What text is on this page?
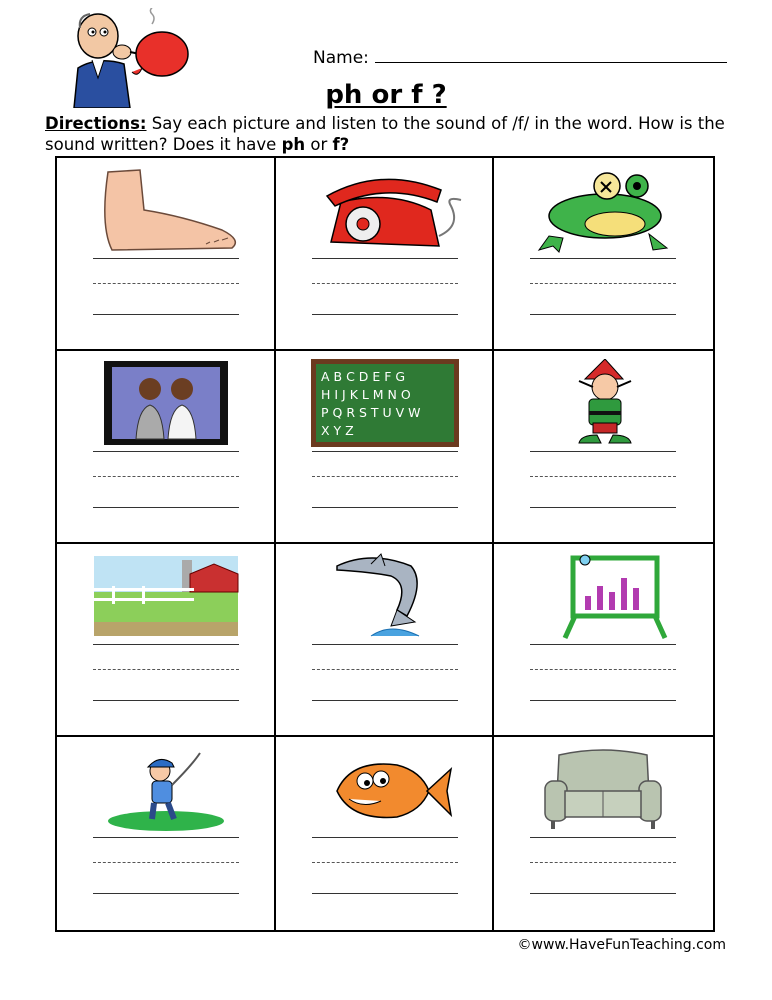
Name:
ph or f ?
Directions: Say each picture and listen to the sound of /f/ in the word. How is the sound written? Does it have ph or f?
A B C D E F G
H I J K L M N O
P Q R S T U V W
X Y Z
©www.HaveFunTeaching.com
